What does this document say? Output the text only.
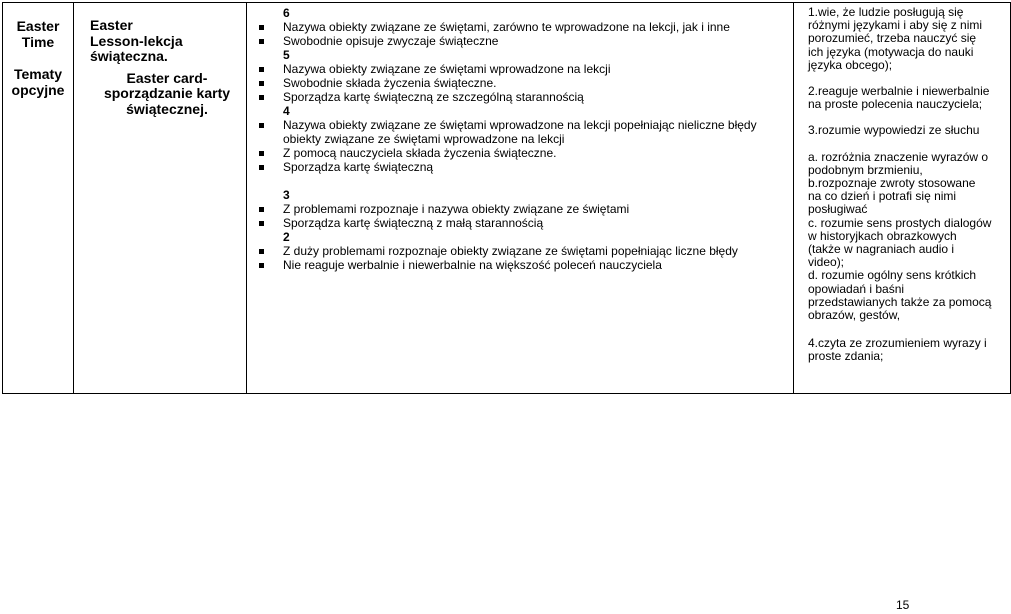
Easter
Time
Tematy
opcyjne

Easter
Lesson-lekcja
świąteczna.
Easter card-
sporządzanie karty
świątecznej.

6
Nazywa obiekty związane ze świętami, zarówno te wprowadzone na lekcji, jak i inne
Swobodnie opisuje zwyczaje świąteczne
5
Nazywa obiekty związane ze świętami wprowadzone na lekcji
Swobodnie składa życzenia świąteczne.
Sporządza kartę świąteczną ze szczególną starannością
4
Nazywa obiekty związane ze świętami wprowadzone na lekcji popełniając nieliczne błędy obiekty związane ze świętami wprowadzone na lekcji
Z pomocą nauczyciela składa życzenia świąteczne.
Sporządza kartę świąteczną
3
Z problemami rozpoznaje i nazywa obiekty związane ze świętami
Sporządza kartę świąteczną z małą starannością
2
Z duży problemami rozpoznaje obiekty związane ze świętami popełniając liczne błędy
Nie reaguje werbalnie i niewerbalnie na większość poleceń nauczyciela

1.wie, że ludzie posługują się
różnymi językami i aby się z nimi
porozumieć, trzeba nauczyć się
ich języka (motywacja do nauki
języka obcego);
2.reaguje werbalnie i niewerbalnie
na proste polecenia nauczyciela;
3.rozumie wypowiedzi ze słuchu
a. rozróżnia znaczenie wyrazów o
podobnym brzmieniu,
b.rozpoznaje zwroty stosowane
na co dzień i potrafi się nimi
posługiwać
c. rozumie sens prostych dialogów
w historyjkach obrazkowych
(także w nagraniach audio i
video);
d. rozumie ogólny sens krótkich
opowiadań i baśni
przedstawianych także za pomocą
obrazów, gestów,
4.czyta ze zrozumieniem wyrazy i
proste zdania;
15
